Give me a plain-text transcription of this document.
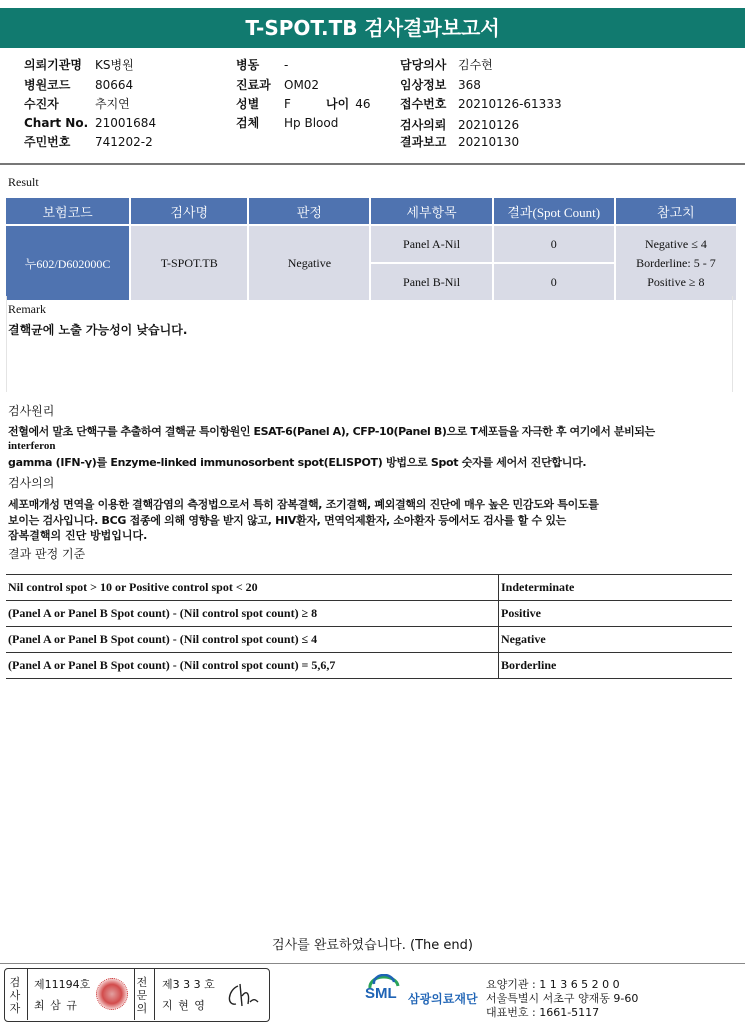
T-SPOT.TB 검사결과보고서
의뢰기관명 KS병원
병원코드 80664
수진자	추지연
Chart No. 21001684
주민번호 741202-2
병동 -
진료과 OM02
성별 F	나이 46
검체 Hp Blood
담당의사 김수현
임상정보 368
접수번호 20210126-61333
검사의뢰 20210126
결과보고 20210130
Result
보험코드	검사명	판정	세부항목	결과(Spot Count)	참고치
누602/D602000C	T-SPOT.TB	Negative	Panel A-Nil	0	Negative ≤ 4
Borderline: 5 - 7
Positive ≥ 8

			Panel B-Nil	0	
Remark
결핵균에 노출 가능성이 낮습니다.
검사원리
전혈에서 말초 단핵구를 추출하여 결핵균 특이항원인 ESAT-6(Panel A), CFP-10(Panel B)으로 T세포들을 자극한 후 여기에서 분비되는
interferon
gamma (IFN-γ)를 Enzyme-linked immunosorbent spot(ELISPOT) 방법으로 Spot 숫자를 세어서 진단합니다.
검사의의
세포매개성 면역을 이용한 결핵감염의 측정법으로서 특히 잠복결핵, 조기결핵, 폐외결핵의 진단에 매우 높은 민감도와 특이도를
보이는 검사입니다. BCG 접종에 의해 영향을 받지 않고, HIV환자, 면역억제환자, 소아환자 등에서도 검사를 할 수 있는
잠복결핵의 진단 방법입니다.
결과 판정 기준
Nil control spot > 10 or Positive control spot < 20	Indeterminate
(Panel A or Panel B Spot count) - (Nil control spot count) ≥ 8	Positive
(Panel A or Panel B Spot count) - (Nil control spot count) ≤ 4	Negative
(Panel A or Panel B Spot count) - (Nil control spot count) = 5,6,7	Borderline
검사를 완료하였습니다. (The end)
검사자
제11194호
최 삼 규
전문의
제3 3 3 호
지 현 영
SML 삼광의료재단
요양기관 : 1 1 3 6 5 2 0 0
서울특별시 서초구 양재동 9-60
대표번호 : 1661-5117
